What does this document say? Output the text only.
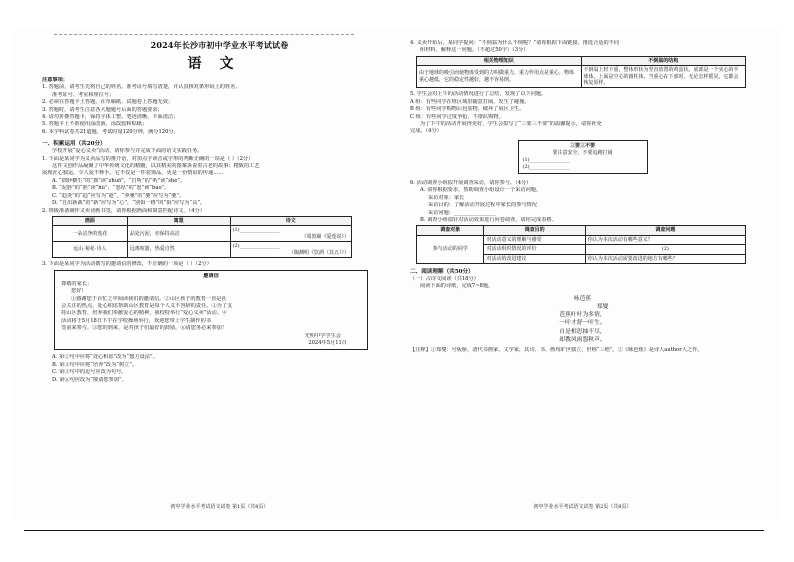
2024年长沙市初中学业水平考试试卷
语文
注意事项：
1. 答题前，请考生先将自己的姓名、准考证号填写清楚，并认真核对条形码上的姓名、
准考证号、考室和座位号；
2. 必须在答题卡上答题，在草稿纸、试题卷上答题无效；
3. 答题时，请考生注意各大题题号后面的答题要求；
4. 请勿折叠答题卡，保持字体工整、笔迹清晰、卡面清洁；
5. 答题卡上不准使用涂改液、涂改胶和贴纸；
6. 本学科试卷共21道题，考试时量120分钟，满分120分。
一、积累运用（共20分）
学校开展“爱心义卖”活动，请你参与并完成下面的语文实践任务。
1. 下面是某同学为义卖品写的推介语，对加点字读音或字形的判断正确的一项是（ ）（2分）
这件文创作品凝聚了中华传统文化的精髓，以其精美的图案诉说着古老的故事；精致的工艺
展现匠心独运，令人爱不释手。它不仅是一件装饰品，更是一份情谊的传递……
A. “拙妙横生”的“拙”读“zhuō”，“打听”的“听”读“shè”。
B. “泥胚”的“胚”读“hù”，“怒厚”的“怒”读“bào”。
C. “趋炎”的“趋”应写为“趁”，“奔驰”的“驰”应写为“驰”。
D. “自出新裁”的“新”应写为“心”，“别俱一格”的“俱”应写为“具”。
2. 班级准备制作义卖诗画书签，请你根据画面和寓意匹配诗文。（4分）
画面	寓意	诗文
一朵洁净的莲花	品处污泥，亦保持高洁	(1)________________
（周敦颐《爱莲说》）

远山·菊花·诗人	远离喧嚣，热爱自然	(2)________________
（陶渊明《饮酒（其五）》）
3. 下面是某同学为活动撰写的邀请信的修改，不正确的一项是（ ）（2分）
邀请信
尊敬的家长：
您好！
①感谢您于百忙之中阅读我们的邀请信。②山区孩子的教育一直是社
会关注的热点，处心积虑帮助山区教育是每个人义不容辞的责任。③为了支
持山区教育，培养我们奉献爱心的精神，我校特举行“爱心义卖”活动。④
活动将于5月18日下午在学校操场举行，欢迎您带上学生制作的书
签前来参与。⑤您的到来，是对孩子们最好的鼓励，⑥请您务必来参加！
光明中学学生会
2024年5月11日
A. 第②句中应将“处心积虑”改为“想方设法”。
B. 第③句中应将“培养”改为“树立”。
C. 第⑤句中的逗号应改为句号。
D. 第⑥句应改为“敬请您参加”。
初中学业水平考试语文试卷 第1页（共8页）
4. 义卖开始后，某同学提问：“不倒翁为什么不倒呢？”请你根据下面链接，推选合适的不同
组材料，解释这一问题。（不超过50字）（3分）
相关物理知识	不倒翁的结构
由于地球的吸引而使物体受到的力叫做重力，重力作用点是重心，物体重心越低，它的稳定性越好，越不容易倒。	不倒翁上轻下重，整体形状为竖直放置的鸡蛋状。底部是一个实心的半球体，上面是空心的圆柱体，当重心在下部时，无论怎样摇晃，它都会恢复原样。
5. 学生会对上午的活动情况进行了总结，发现了以下问题。
A 组：有些同学在班区域里随意打闹，发生了碰撞。
B 组：有些同学购物后包装物，破坏了展区卫生。
C 组：有些同学过度争抢，不排队购物。
为了下午的活动开展得更好，学生会拟写了“三要三不要”的温馨提示，请你补充
完成。（4分）
三要三不要
要注意安全，不要追跑打闹
(1)________________
(2)________________
6. 活动调查小组拟开展调查采访，请你参与。（4分）
A. 请你根据要求，帮助调查小组设计一个采访问题。
采访对象：家长
采访目的：了解活动开展过程中家长的参与情况
采访问题：________________
B. 调查小组拟针对活动效果进行问卷调查，请你完成表格。
调查对象	调查目的	调查问题
参与活动的同学	对活动意义的理解与感受	你认为本次活动有哪些意义？
	对活动组织情况的评价	(2)
	对活动的改进建议	你认为本次活动需要改进的地方有哪些？
二、阅读理解（共50分）
（一）古诗文阅读（共18分）
阅读下面的诗歌，完成7~8题。
咏芭蕉
郑燮
芭蕉叶叶为多情，
一叶才舒一叶生。
自是相思抽不尽，
却教风雨怨秋声。
【注释】①郑燮：号板桥，清代书画家、文学家，其诗、书、画均旷世独立，世称“三绝”。②《咏芭蕉》是诗人author人之作。
初中学业水平考试语文试卷 第2页（共8页）
